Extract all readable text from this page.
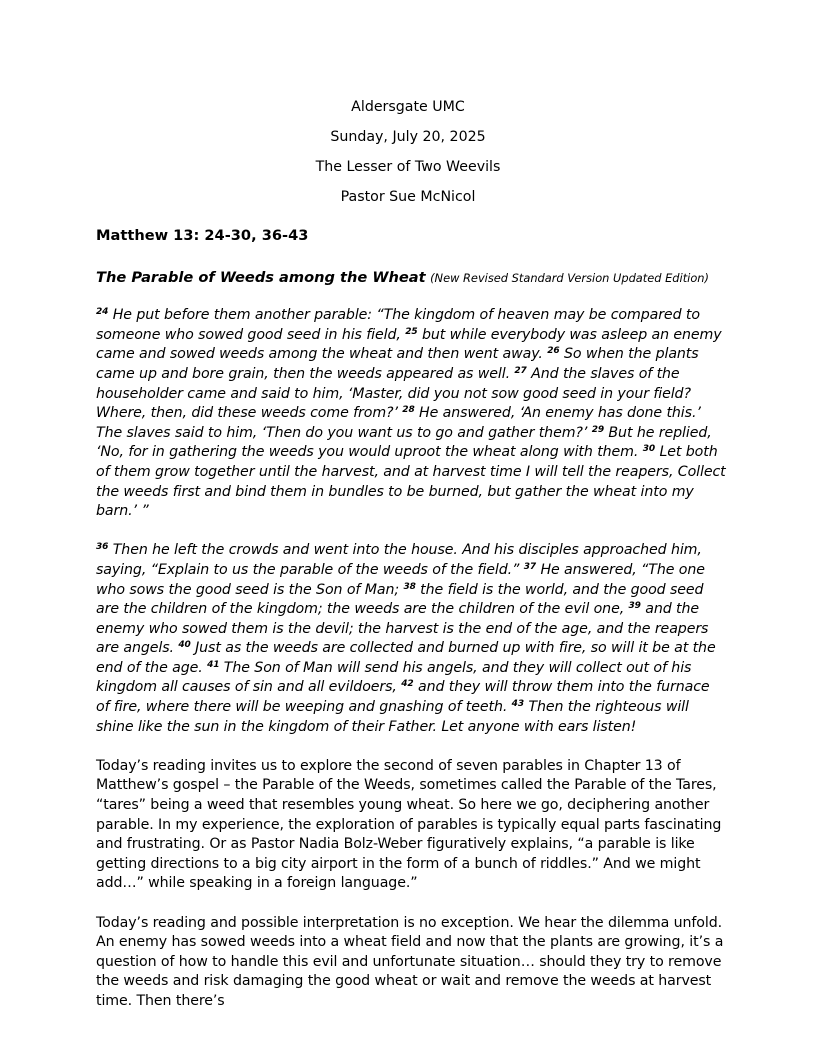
Aldersgate UMC
Sunday, July 20, 2025
The Lesser of Two Weevils
Pastor Sue McNicol
Matthew 13: 24-30, 36-43
The Parable of Weeds among the Wheat (New Revised Standard Version Updated Edition)

$^{24}$ He put before them another parable: “The kingdom of heaven may be compared to someone who sowed good seed in his field, $^{25}$ but while everybody was asleep an enemy came and sowed weeds among the wheat and then went away. $^{26}$ So when the plants came up and bore grain, then the weeds appeared as well. $^{27}$ And the slaves of the householder came and said to him, ‘Master, did you not sow good seed in your field? Where, then, did these weeds come from?’ $^{28}$ He answered, ‘An enemy has done this.’ The slaves said to him, ‘Then do you want us to go and gather them?’ $^{29}$ But he replied, ‘No, for in gathering the weeds you would uproot the wheat along with them. $^{30}$ Let both of them grow together until the harvest, and at harvest time I will tell the reapers, Collect the weeds first and bind them in bundles to be burned, but gather the wheat into my barn.’ ”

$^{36}$ Then he left the crowds and went into the house. And his disciples approached him, saying, “Explain to us the parable of the weeds of the field.” $^{37}$ He answered, “The one who sows the good seed is the Son of Man; $^{38}$ the field is the world, and the good seed are the children of the kingdom; the weeds are the children of the evil one, $^{39}$ and the enemy who sowed them is the devil; the harvest is the end of the age, and the reapers are angels. $^{40}$ Just as the weeds are collected and burned up with fire, so will it be at the end of the age. $^{41}$ The Son of Man will send his angels, and they will collect out of his kingdom all causes of sin and all evildoers, $^{42}$ and they will throw them into the furnace of fire, where there will be weeping and gnashing of teeth. $^{43}$ Then the righteous will shine like the sun in the kingdom of their Father. Let anyone with ears listen!

Today’s reading invites us to explore the second of seven parables in Chapter 13 of Matthew’s gospel – the Parable of the Weeds, sometimes called the Parable of the Tares, “tares” being a weed that resembles young wheat. So here we go, deciphering another parable. In my experience, the exploration of parables is typically equal parts fascinating and frustrating. Or as Pastor Nadia Bolz-Weber figuratively explains, “a parable is like getting directions to a big city airport in the form of a bunch of riddles.” And we might add…” while speaking in a foreign language.”

Today’s reading and possible interpretation is no exception. We hear the dilemma unfold. An enemy has sowed weeds into a wheat field and now that the plants are growing, it’s a question of how to handle this evil and unfortunate situation… should they try to remove the weeds and risk damaging the good wheat or wait and remove the weeds at harvest time. Then there’s
